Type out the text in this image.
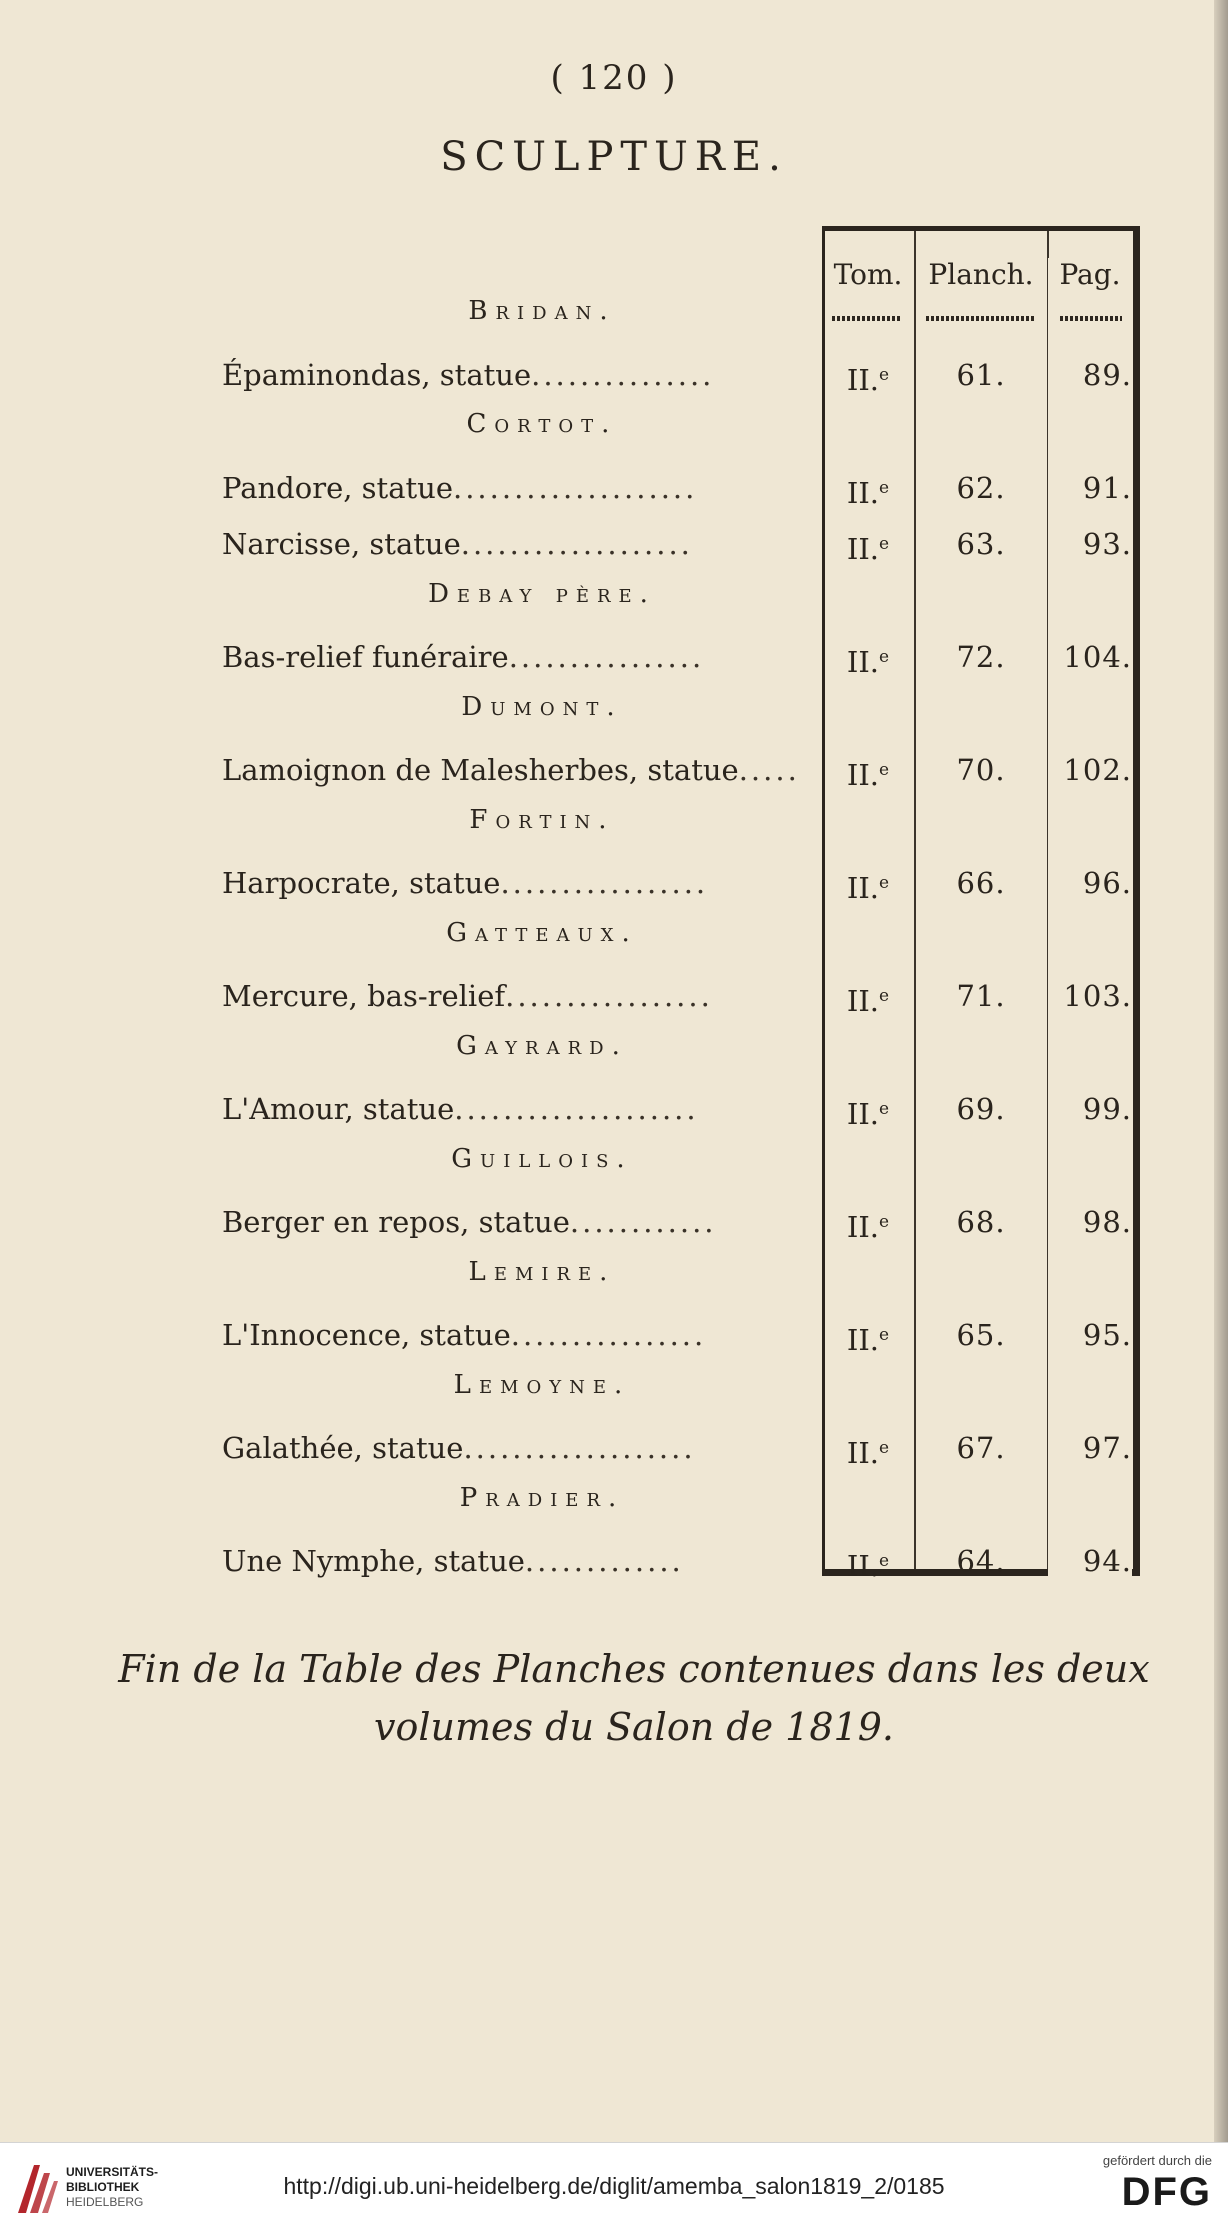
( 120 )
SCULPTURE.
Tom. Planch. Pag.
Bridan.
Épaminondas, statue...............	II.$^e$	61.	89.
Cortot.
Pandore, statue....................	II.$^e$	62.	91.
Narcisse, statue...................	II.$^e$	63.	93.
Debay père.
Bas-relief funéraire................	II.$^e$	72.	104.
Dumont.
Lamoignon de Malesherbes, statue.....	II.$^e$	70.	102.
Fortin.
Harpocrate, statue.................	II.$^e$	66.	96.
Gatteaux.
Mercure, bas-relief.................	II.$^e$	71.	103.
Gayrard.
L'Amour, statue....................	II.$^e$	69.	99.
Guillois.
Berger en repos, statue............	II.$^e$	68.	98.
Lemire.
L'Innocence, statue................	II.$^e$	65.	95.
Lemoyne.
Galathée, statue...................	II.$^e$	67.	97.
Pradier.
Une Nymphe, statue.............	II.$^e$	64.	94.
Fin de la Table des Planches contenues dans les deux
volumes du Salon de 1819.
UNIVERSITÄTS-
BIBLIOTHEK
HEIDELBERG
http://digi.ub.uni-heidelberg.de/diglit/amemba_salon1819_2/0185
gefördert durch die
DFG
